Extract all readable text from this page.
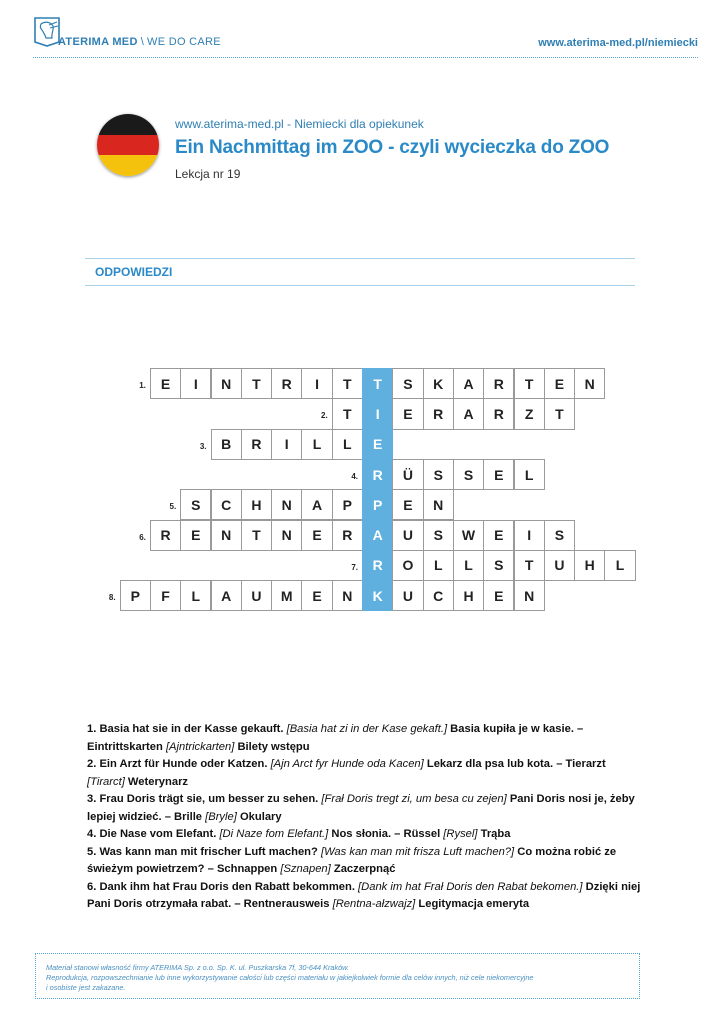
ATERIMA MED \ WE DO CARE	www.aterima-med.pl/niemiecki
www.aterima-med.pl - Niemiecki dla opiekunek
Ein Nachmittag im ZOO - czyli wycieczka do ZOO
Lekcja nr 19
ODPOWIEDZI
1.	E	I	N	T	R	I	T	T	S	K	A	R	T	E	N
2.	T	I	E	R	A	R	Z	T
3.	B	R	I	L	L	E
4.	R	Ü	S	S	E	L
5.	S	C	H	N	A	P	P	E	N
6.	R	E	N	T	N	E	R	A	U	S	W	E	I	S
7.	R	O	L	L	S	T	U	H	L
8.	P	F	L	A	U	M	E	N	K	U	C	H	E	N

1. Basia hat sie in der Kasse gekauft. [Basia hat zi in der Kase gekaft.] Basia kupiła je w kasie. – Eintrittskarten [Ajntrickarten] Bilety wstępu

2. Ein Arzt für Hunde oder Katzen. [Ajn Arct fyr Hunde oda Kacen] Lekarz dla psa lub kota. – Tierarzt [Tirarct] Weterynarz

3. Frau Doris trägt sie, um besser zu sehen. [Frał Doris tregt zi, um besa cu zejen] Pani Doris nosi je, żeby lepiej widzieć. – Brille [Bryle] Okulary

4. Die Nase vom Elefant. [Di Naze fom Elefant.] Nos słonia. – Rüssel [Rysel] Trąba

5. Was kann man mit frischer Luft machen? [Was kan man mit frisza Luft machen?] Co można robić ze świeżym powietrzem? – Schnappen [Sznapen] Zaczerpnąć

6. Dank ihm hat Frau Doris den Rabatt bekommen. [Dank im hat Frał Doris den Rabat bekomen.] Dzięki niej Pani Doris otrzymała rabat. – Rentnerausweis [Rentna-ałzwajz] Legitymacja emeryta

Materiał stanowi własność firmy ATERIMA Sp. z o.o. Sp. K. ul. Puszkarska 7f, 30-644 Kraków.
Reprodukcja, rozpowszechnianie lub inne wykorzystywanie całości lub części materiału w jakiejkolwiek formie dla celów innych, niż cele niekomercyjne
i osobiste jest zakazane.
